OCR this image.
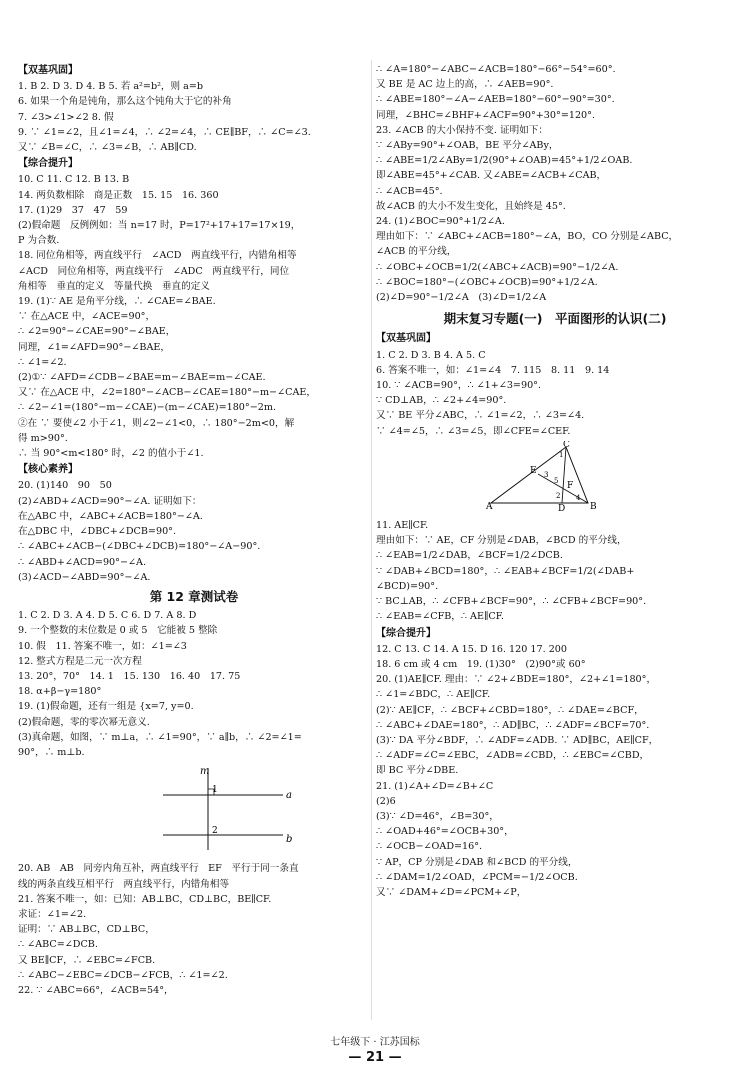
【双基巩固】
1. B 2. D 3. D 4. B 5. 若 a²=b²，则 a=b
6. 如果一个角是钝角，那么这个钝角大于它的补角
7. ∠3>∠1>∠2 8. 假
9. ∵ ∠1=∠2，且∠1=∠4，∴ ∠2=∠4，∴ CE∥BF，∴ ∠C=∠3.
又∵ ∠B=∠C，∴ ∠3=∠B，∴ AB∥CD.
【综合提升】
10. C 11. C 12. B 13. B
14. 两负数相除　商是正数　15. 15　16. 360
17. (1)29　37　47　59
(2)假命题　反例例如：当 n=17 时，P=17²+17+17=17×19，
P 为合数.
18. 同位角相等，两直线平行　∠ACD　两直线平行，内错角相等
∠ACD　同位角相等，两直线平行　∠ADC　两直线平行，同位
角相等　垂直的定义　等量代换　垂直的定义
19. (1)∵ AE 是角平分线，∴ ∠CAE=∠BAE.
∵ 在△ACE 中，∠ACE=90°，
∴ ∠2=90°−∠CAE=90°−∠BAE，
同理，∠1=∠AFD=90°−∠BAE，
∴ ∠1=∠2.
(2)①∵ ∠AFD=∠CDB−∠BAE=m−∠BAE=m−∠CAE.
又∵ 在△ACE 中，∠2=180°−∠ACB−∠CAE=180°−m−∠CAE，
∴ ∠2−∠1=(180°−m−∠CAE)−(m−∠CAE)=180°−2m.
②在 ∵ 要使∠2 小于∠1，则∠2−∠1<0，∴ 180°−2m<0，解
得 m>90°.
∴ 当 90°<m<180° 时，∠2 的值小于∠1.
【核心素养】
20. (1)140　90　50
(2)∠ABD+∠ACD=90°−∠A. 证明如下：
在△ABC 中，∠ABC+∠ACB=180°−∠A.
在△DBC 中，∠DBC+∠DCB=90°.
∴ ∠ABC+∠ACB−(∠DBC+∠DCB)=180°−∠A−90°.
∴ ∠ABD+∠ACD=90°−∠A.
(3)∠ACD−∠ABD=90°−∠A.
第 12 章测试卷
1. C 2. D 3. A 4. D 5. C 6. D 7. A 8. D
9. 一个整数的末位数是 0 或 5　它能被 5 整除
10. 假　11. 答案不唯一，如：∠1=∠3
12. 整式方程是二元一次方程
13. 20°，70°　14. 1　15. 130　16. 40　17. 75
18. α+β−γ=180°
19. (1)假命题，还有一组是 {x=7, y=0.
(2)假命题，零的零次幂无意义.
(3)真命题，如图，∵ m⊥a，∴ ∠1=90°，∵ a∥b，∴ ∠2=∠1=
90°，∴ m⊥b.
m
a
b
1
2
20. AB　AB　同旁内角互补，两直线平行　EF　平行于同一条直
线的两条直线互相平行　两直线平行，内错角相等
21. 答案不唯一，如：已知：AB⊥BC，CD⊥BC，BE∥CF.
求证：∠1=∠2.
证明：∵ AB⊥BC，CD⊥BC，
∴ ∠ABC=∠DCB.
又 BE∥CF，∴ ∠EBC=∠FCB.
∴ ∠ABC−∠EBC=∠DCB−∠FCB，∴ ∠1=∠2.
22. ∵ ∠ABC=66°，∠ACB=54°，
∴ ∠A=180°−∠ABC−∠ACB=180°−66°−54°=60°.
又 BE 是 AC 边上的高，∴ ∠AEB=90°.
∴ ∠ABE=180°−∠A−∠AEB=180°−60°−90°=30°.
同理，∠BHC=∠BHF+∠ACF=90°+30°=120°.
23. ∠ACB 的大小保持不变. 证明如下：
∵ ∠ABy=90°+∠OAB，BE 平分∠ABy，
∴ ∠ABE=1/2∠ABy=1/2(90°+∠OAB)=45°+1/2∠OAB.
即∠ABE=45°+∠CAB. 又∠ABE=∠ACB+∠CAB，
∴ ∠ACB=45°.
故∠ACB 的大小不发生变化，且始终是 45°.
24. (1)∠BOC=90°+1/2∠A.
理由如下：∵ ∠ABC+∠ACB=180°−∠A，BO，CO 分别是∠ABC，
∠ACB 的平分线，
∴ ∠OBC+∠OCB=1/2(∠ABC+∠ACB)=90°−1/2∠A.
∴ ∠BOC=180°−(∠OBC+∠OCB)=90°+1/2∠A.
(2)∠D=90°−1/2∠A　(3)∠D=1/2∠A
期末复习专题(一)　平面图形的认识(二)
【双基巩固】
1. C 2. D 3. B 4. A 5. C
6. 答案不唯一，如：∠1=∠4　7. 115　8. 11　9. 14
10. ∵ ∠ACB=90°，∴ ∠1+∠3=90°.
∵ CD⊥AB，∴ ∠2+∠4=90°.
又∵ BE 平分∠ABC，∴ ∠1=∠2，∴ ∠3=∠4.
∵ ∠4=∠5，∴ ∠3=∠5，即∠CFE=∠CEF.
A	B
C
D
E
F
1
2
3
4
5
11. AE∥CF.
理由如下：∵ AE，CF 分别是∠DAB，∠BCD 的平分线，
∴ ∠EAB=1/2∠DAB，∠BCF=1/2∠DCB.
∵ ∠DAB+∠BCD=180°，∴ ∠EAB+∠BCF=1/2(∠DAB+
∠BCD)=90°.
∵ BC⊥AB，∴ ∠CFB+∠BCF=90°，∴ ∠CFB+∠BCF=90°.
∴ ∠EAB=∠CFB，∴ AE∥CF.
【综合提升】
12. C 13. C 14. A 15. D 16. 120 17. 200
18. 6 cm 或 4 cm　19. (1)30°　(2)90°或 60°
20. (1)AE∥CF. 理由：∵ ∠2+∠BDE=180°，∠2+∠1=180°，
∴ ∠1=∠BDC，∴ AE∥CF.
(2)∵ AE∥CF，∴ ∠BCF+∠CBD=180°，∴ ∠DAE=∠BCF，
∴ ∠ABC+∠DAE=180°，∴ AD∥BC，∴ ∠ADF=∠BCF=70°.
(3)∵ DA 平分∠BDF，∴ ∠ADF=∠ADB. ∵ AD∥BC，AE∥CF，
∴ ∠ADF=∠C=∠EBC，∠ADB=∠CBD，∴ ∠EBC=∠CBD，
即 BC 平分∠DBE.
21. (1)∠A+∠D=∠B+∠C
(2)6
(3)∵ ∠D=46°，∠B=30°，
∴ ∠OAD+46°=∠OCB+30°，
∴ ∠OCB−∠OAD=16°.
∵ AP，CP 分别是∠DAB 和∠BCD 的平分线，
∴ ∠DAM=1/2∠OAD，∠PCM=−1/2∠OCB.
又∵ ∠DAM+∠D=∠PCM+∠P，
七年级下 · 江苏国标
— 21 —
